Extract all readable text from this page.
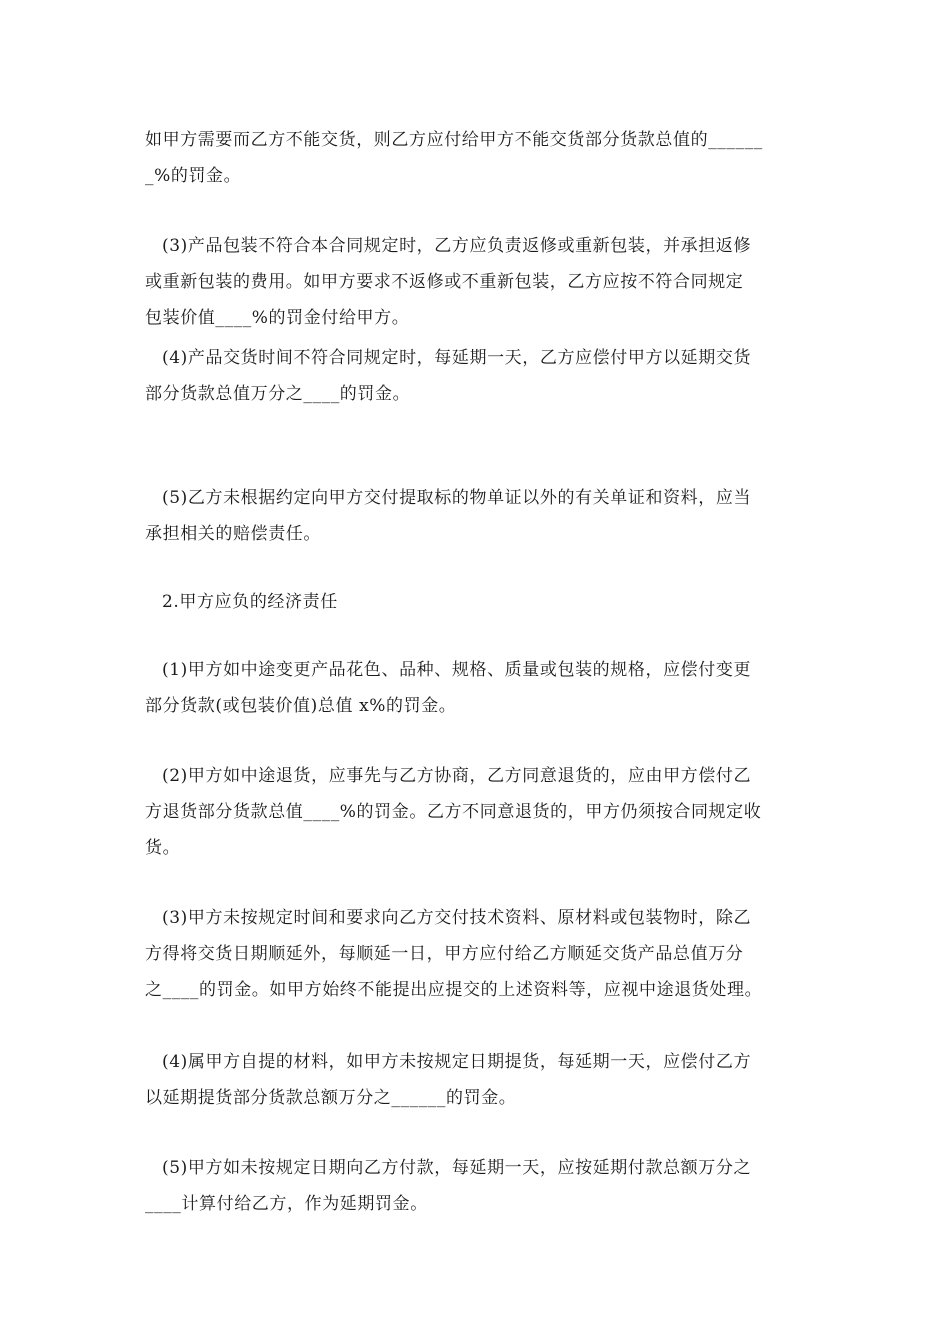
如甲方需要而乙方不能交货，则乙方应付给甲方不能交货部分货款总值的______
_%的罚金。
(3)产品包装不符合本合同规定时，乙方应负责返修或重新包装，并承担返修
或重新包装的费用。如甲方要求不返修或不重新包装，乙方应按不符合同规定
包装价值____%的罚金付给甲方。
(4)产品交货时间不符合同规定时，每延期一天，乙方应偿付甲方以延期交货
部分货款总值万分之____的罚金。
(5)乙方未根据约定向甲方交付提取标的物单证以外的有关单证和资料，应当
承担相关的赔偿责任。
2.甲方应负的经济责任
(1)甲方如中途变更产品花色、品种、规格、质量或包装的规格，应偿付变更
部分货款(或包装价值)总值 x%的罚金。
(2)甲方如中途退货，应事先与乙方协商，乙方同意退货的，应由甲方偿付乙
方退货部分货款总值____%的罚金。乙方不同意退货的，甲方仍须按合同规定收
货。
(3)甲方未按规定时间和要求向乙方交付技术资料、原材料或包装物时，除乙
方得将交货日期顺延外，每顺延一日，甲方应付给乙方顺延交货产品总值万分
之____的罚金。如甲方始终不能提出应提交的上述资料等，应视中途退货处理。
(4)属甲方自提的材料，如甲方未按规定日期提货，每延期一天，应偿付乙方
以延期提货部分货款总额万分之______的罚金。
(5)甲方如未按规定日期向乙方付款，每延期一天，应按延期付款总额万分之
____计算付给乙方，作为延期罚金。
